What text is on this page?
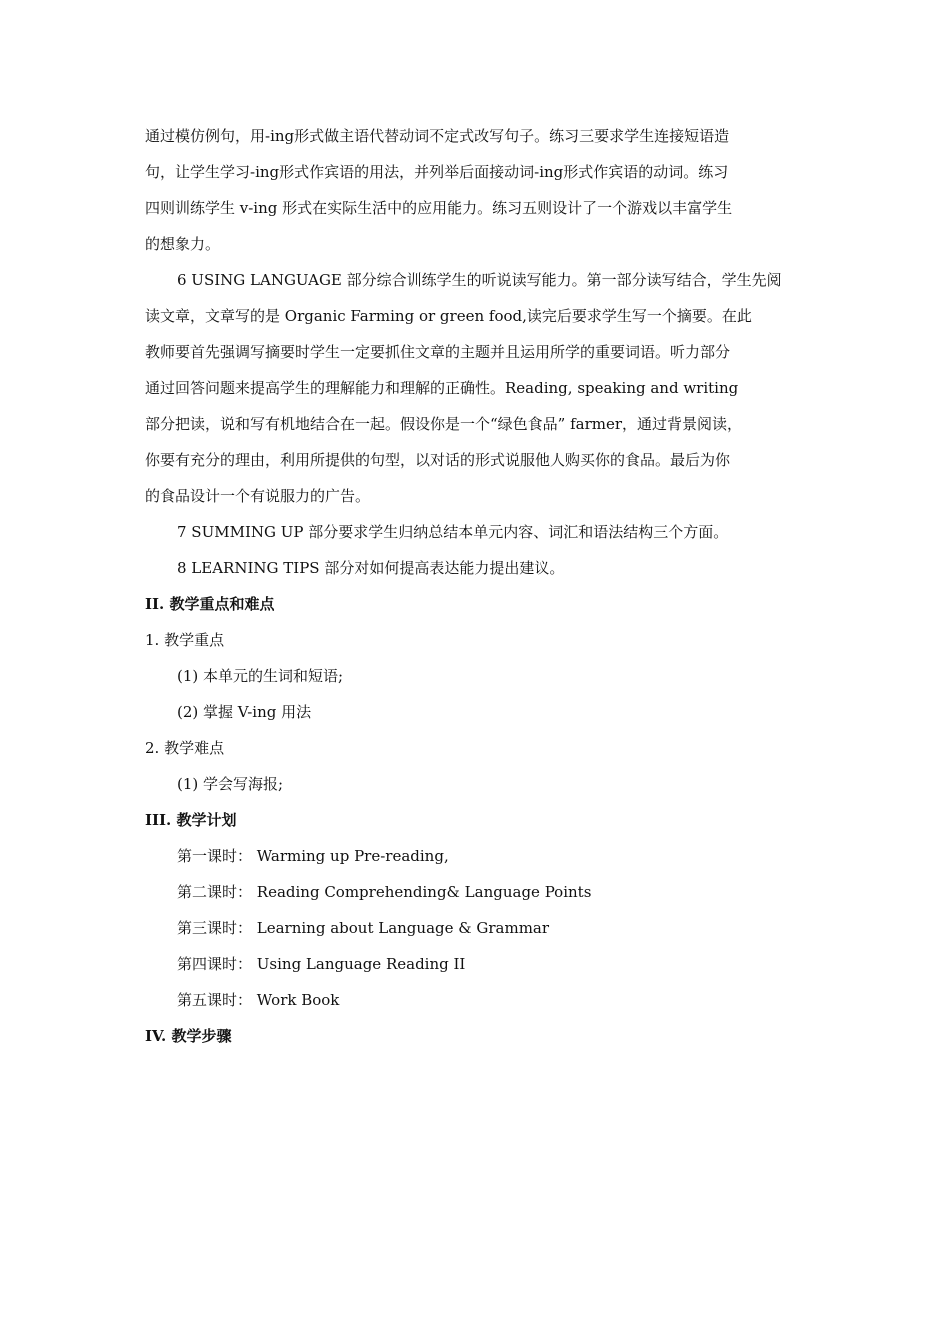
通过模仿例句，用-ing形式做主语代替动词不定式改写句子。练习三要求学生连接短语造
句，让学生学习-ing形式作宾语的用法，并列举后面接动词-ing形式作宾语的动词。练习
四则训练学生 v-ing 形式在实际生活中的应用能力。练习五则设计了一个游戏以丰富学生
的想象力。
6 USING LANGUAGE 部分综合训练学生的听说读写能力。第一部分读写结合，学生先阅
读文章，文章写的是 Organic Farming or green food,读完后要求学生写一个摘要。在此
教师要首先强调写摘要时学生一定要抓住文章的主题并且运用所学的重要词语。听力部分
通过回答问题来提高学生的理解能力和理解的正确性。Reading, speaking and writing
部分把读，说和写有机地结合在一起。假设你是一个“绿色食品” farmer，通过背景阅读，
你要有充分的理由，利用所提供的句型，以对话的形式说服他人购买你的食品。最后为你
的食品设计一个有说服力的广告。
7 SUMMING UP 部分要求学生归纳总结本单元内容、词汇和语法结构三个方面。
8 LEARNING TIPS 部分对如何提高表达能力提出建议。
II. 教学重点和难点
1. 教学重点
(1) 本单元的生词和短语;
(2) 掌握 V-ing 用法
2. 教学难点
(1) 学会写海报;
III. 教学计划
第一课时： Warming up Pre-reading,
第二课时： Reading Comprehending& Language Points
第三课时： Learning about Language & Grammar
第四课时： Using Language Reading II
第五课时： Work Book
IV. 教学步骤
